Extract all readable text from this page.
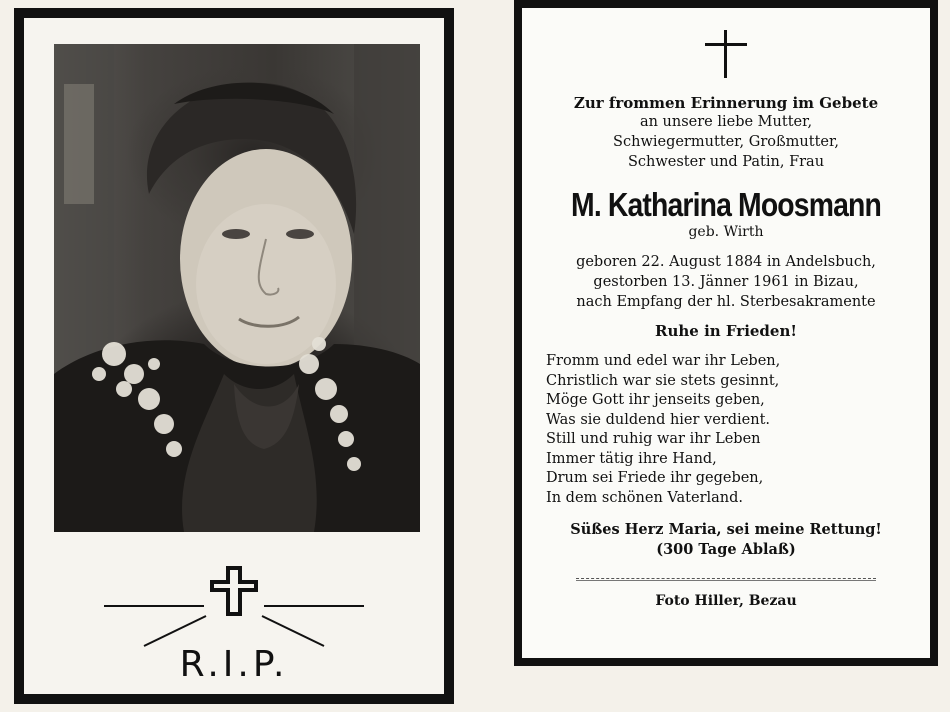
R.I.P.
Zur frommen Erinnerung im Gebete
an unsere liebe Mutter,
Schwiegermutter, Großmutter,
Schwester und Patin, Frau
M. Katharina Moosmann
geb. Wirth
geboren 22. August 1884 in Andelsbuch,
gestorben 13. Jänner 1961 in Bizau,
nach Empfang der hl. Sterbesakramente
Ruhe in Frieden!
Fromm und edel war ihr Leben,
Christlich war sie stets gesinnt,
Möge Gott ihr jenseits geben,
Was sie duldend hier verdient.
Still und ruhig war ihr Leben
Immer tätig ihre Hand,
Drum sei Friede ihr gegeben,
In dem schönen Vaterland.
Süßes Herz Maria, sei meine Rettung!
(300 Tage Ablaß)
Foto Hiller, Bezau
